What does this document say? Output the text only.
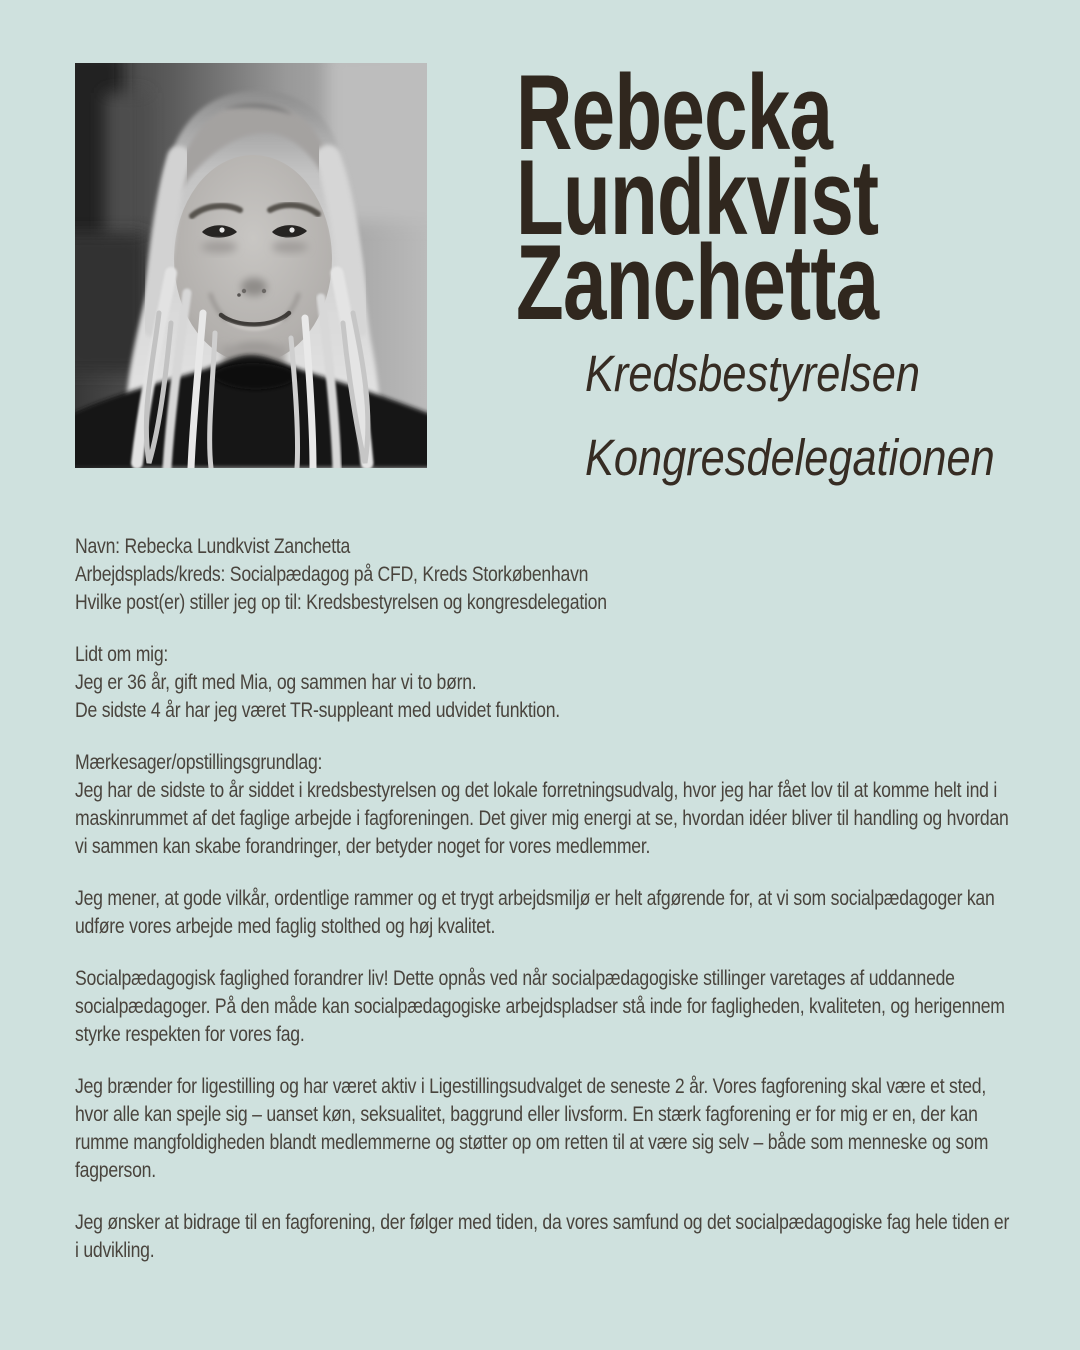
Rebecka
Lundkvist
Zanchetta
Kredsbestyrelsen
Kongresdelegationen
Navn: Rebecka Lundkvist Zanchetta
Arbejdsplads/kreds: Socialpædagog på CFD, Kreds Storkøbenhavn
Hvilke post(er) stiller jeg op til: Kredsbestyrelsen og kongresdelegation
Lidt om mig:
Jeg er 36 år, gift med Mia, og sammen har vi to børn.
De sidste 4 år har jeg været TR-suppleant med udvidet funktion.
Mærkesager/opstillingsgrundlag:
Jeg har de sidste to år siddet i kredsbestyrelsen og det lokale forretningsudvalg, hvor jeg har fået lov til at komme helt ind i maskinrummet af det faglige arbejde i fagforeningen. Det giver mig energi at se, hvordan idéer bliver til handling og hvordan vi sammen kan skabe forandringer, der betyder noget for vores medlemmer.
Jeg mener, at gode vilkår, ordentlige rammer og et trygt arbejdsmiljø er helt afgørende for, at vi som socialpædagoger kan udføre vores arbejde med faglig stolthed og høj kvalitet.
Socialpædagogisk faglighed forandrer liv! Dette opnås ved når socialpædagogiske stillinger varetages af uddannede socialpædagoger. På den måde kan socialpædagogiske arbejdspladser stå inde for fagligheden, kvaliteten, og herigennem styrke respekten for vores fag.
Jeg brænder for ligestilling og har været aktiv i Ligestillingsudvalget de seneste 2 år. Vores fagforening skal være et sted, hvor alle kan spejle sig – uanset køn, seksualitet, baggrund eller livsform. En stærk fagforening er for mig er en, der kan rumme mangfoldigheden blandt medlemmerne og støtter op om retten til at være sig selv – både som menneske og som fagperson.
Jeg ønsker at bidrage til en fagforening, der følger med tiden, da vores samfund og det socialpædagogiske fag hele tiden er i udvikling.
